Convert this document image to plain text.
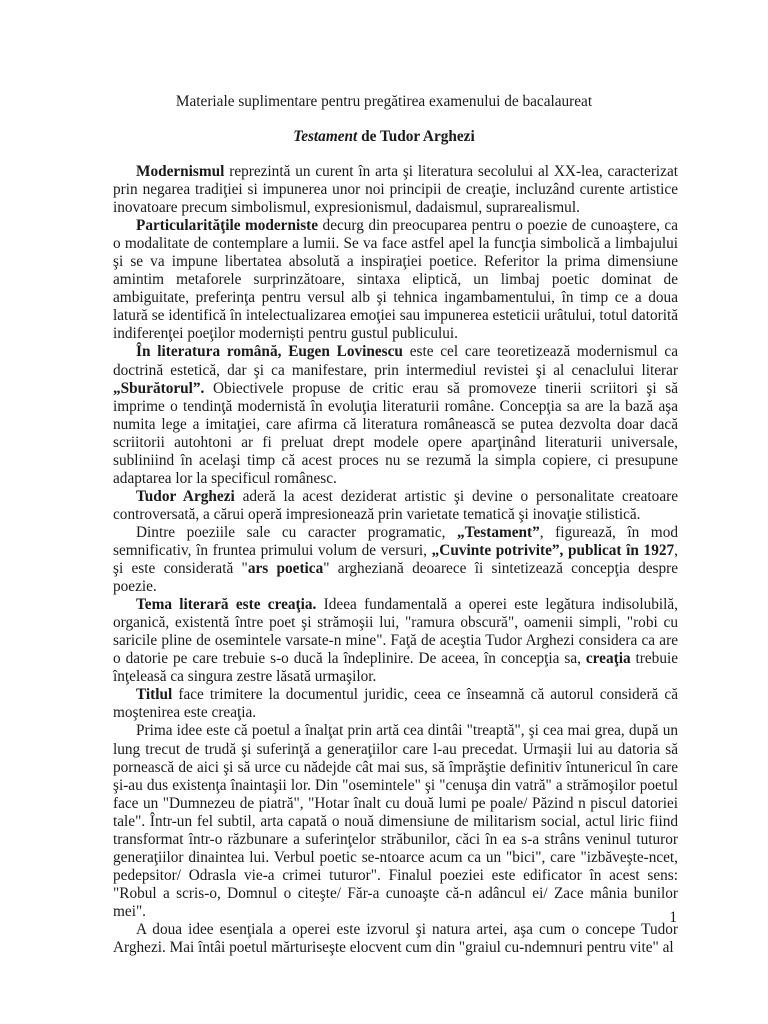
Materiale suplimentare pentru pregătirea examenului de bacalaureat
Testament de Tudor Arghezi

Modernismul reprezintă un curent în arta şi literatura secolului al XX-lea, caracterizat prin negarea tradiţiei si impunerea unor noi principii de creaţie, incluzând curente artistice inovatoare precum simbolismul, expresionismul, dadaismul, suprarealismul.

Particularităţile moderniste decurg din preocuparea pentru o poezie de cunoaştere, ca o modalitate de contemplare a lumii. Se va face astfel apel la funcţia simbolică a limbajului şi se va impune libertatea absolută a inspiraţiei poetice. Referitor la prima dimensiune amintim metaforele surprinzătoare, sintaxa eliptică, un limbaj poetic dominat de ambiguitate, preferinţa pentru versul alb şi tehnica ingambamentului, în timp ce a doua latură se identifică în intelectualizarea emoţiei sau impunerea esteticii urâtului, totul datorită indiferenţei poeţilor moderniști pentru gustul publicului.

În literatura română, Eugen Lovinescu este cel care teoretizează modernismul ca doctrină estetică, dar şi ca manifestare, prin intermediul revistei şi al cenaclului literar „Sburătorul”. Obiectivele propuse de critic erau să promoveze tinerii scriitori şi să imprime o tendinţă modernistă în evoluţia literaturii române. Concepţia sa are la bază aşa numita lege a imitaţiei, care afirma că literatura românească se putea dezvolta doar dacă scriitorii autohtoni ar fi preluat drept modele opere aparţinând literaturii universale, subliniind în acelaşi timp că acest proces nu se rezumă la simpla copiere, ci presupune adaptarea lor la specificul românesc.

Tudor Arghezi aderă la acest deziderat artistic şi devine o personalitate creatoare controversată, a cărui operă impresionează prin varietate tematică şi inovaţie stilistică.

Dintre poeziile sale cu caracter programatic, „Testament”, figurează, în mod semnificativ, în fruntea primului volum de versuri, „Cuvinte potrivite”, publicat în 1927, şi este considerată "ars poetica" argheziană deoarece îi sintetizează concepţia despre poezie.

Tema literară este creaţia. Ideea fundamentală a operei este legătura indisolubilă, organică, existentă între poet şi strămoşii lui, "ramura obscură", oamenii simpli, "robi cu saricile pline de osemintele varsate-n mine". Faţă de aceştia Tudor Arghezi considera ca are o datorie pe care trebuie s-o ducă la îndeplinire. De aceea, în concepţia sa, creaţia trebuie înţeleasă ca singura zestre lăsată urmaşilor.

Titlul face trimitere la documentul juridic, ceea ce înseamnă că autorul consideră că moştenirea este creaţia.

Prima idee este că poetul a înalţat prin artă cea dintâi "treaptă", şi cea mai grea, după un lung trecut de trudă şi suferinţă a generaţiilor care l-au precedat. Urmaşii lui au datoria să pornească de aici şi să urce cu nădejde cât mai sus, să împrăştie definitiv întunericul în care şi-au dus existenţa înaintaşii lor. Din "osemintele" şi "cenuşa din vatră" a strămoşilor poetul face un "Dumnezeu de piatră", "Hotar înalt cu două lumi pe poale/ Păzind n piscul datoriei tale". Într-un fel subtil, arta capată o nouă dimensiune de militarism social, actul liric fiind transformat într-o răzbunare a suferinţelor străbunilor, căci în ea s-a strâns veninul tuturor generaţiilor dinaintea lui. Verbul poetic se-ntoarce acum ca un "bici", care "izbăveşte-ncet, pedepsitor/ Odrasla vie-a crimei tuturor". Finalul poeziei este edificator în acest sens: "Robul a scris-o, Domnul o citeşte/ Făr-a cunoaşte că-n adâncul ei/ Zace mânia bunilor mei".

A doua idee esenţiala a operei este izvorul şi natura artei, aşa cum o concepe Tudor Arghezi. Mai întâi poetul mărturiseşte elocvent cum din "graiul cu-ndemnuri pentru vite" al

1
